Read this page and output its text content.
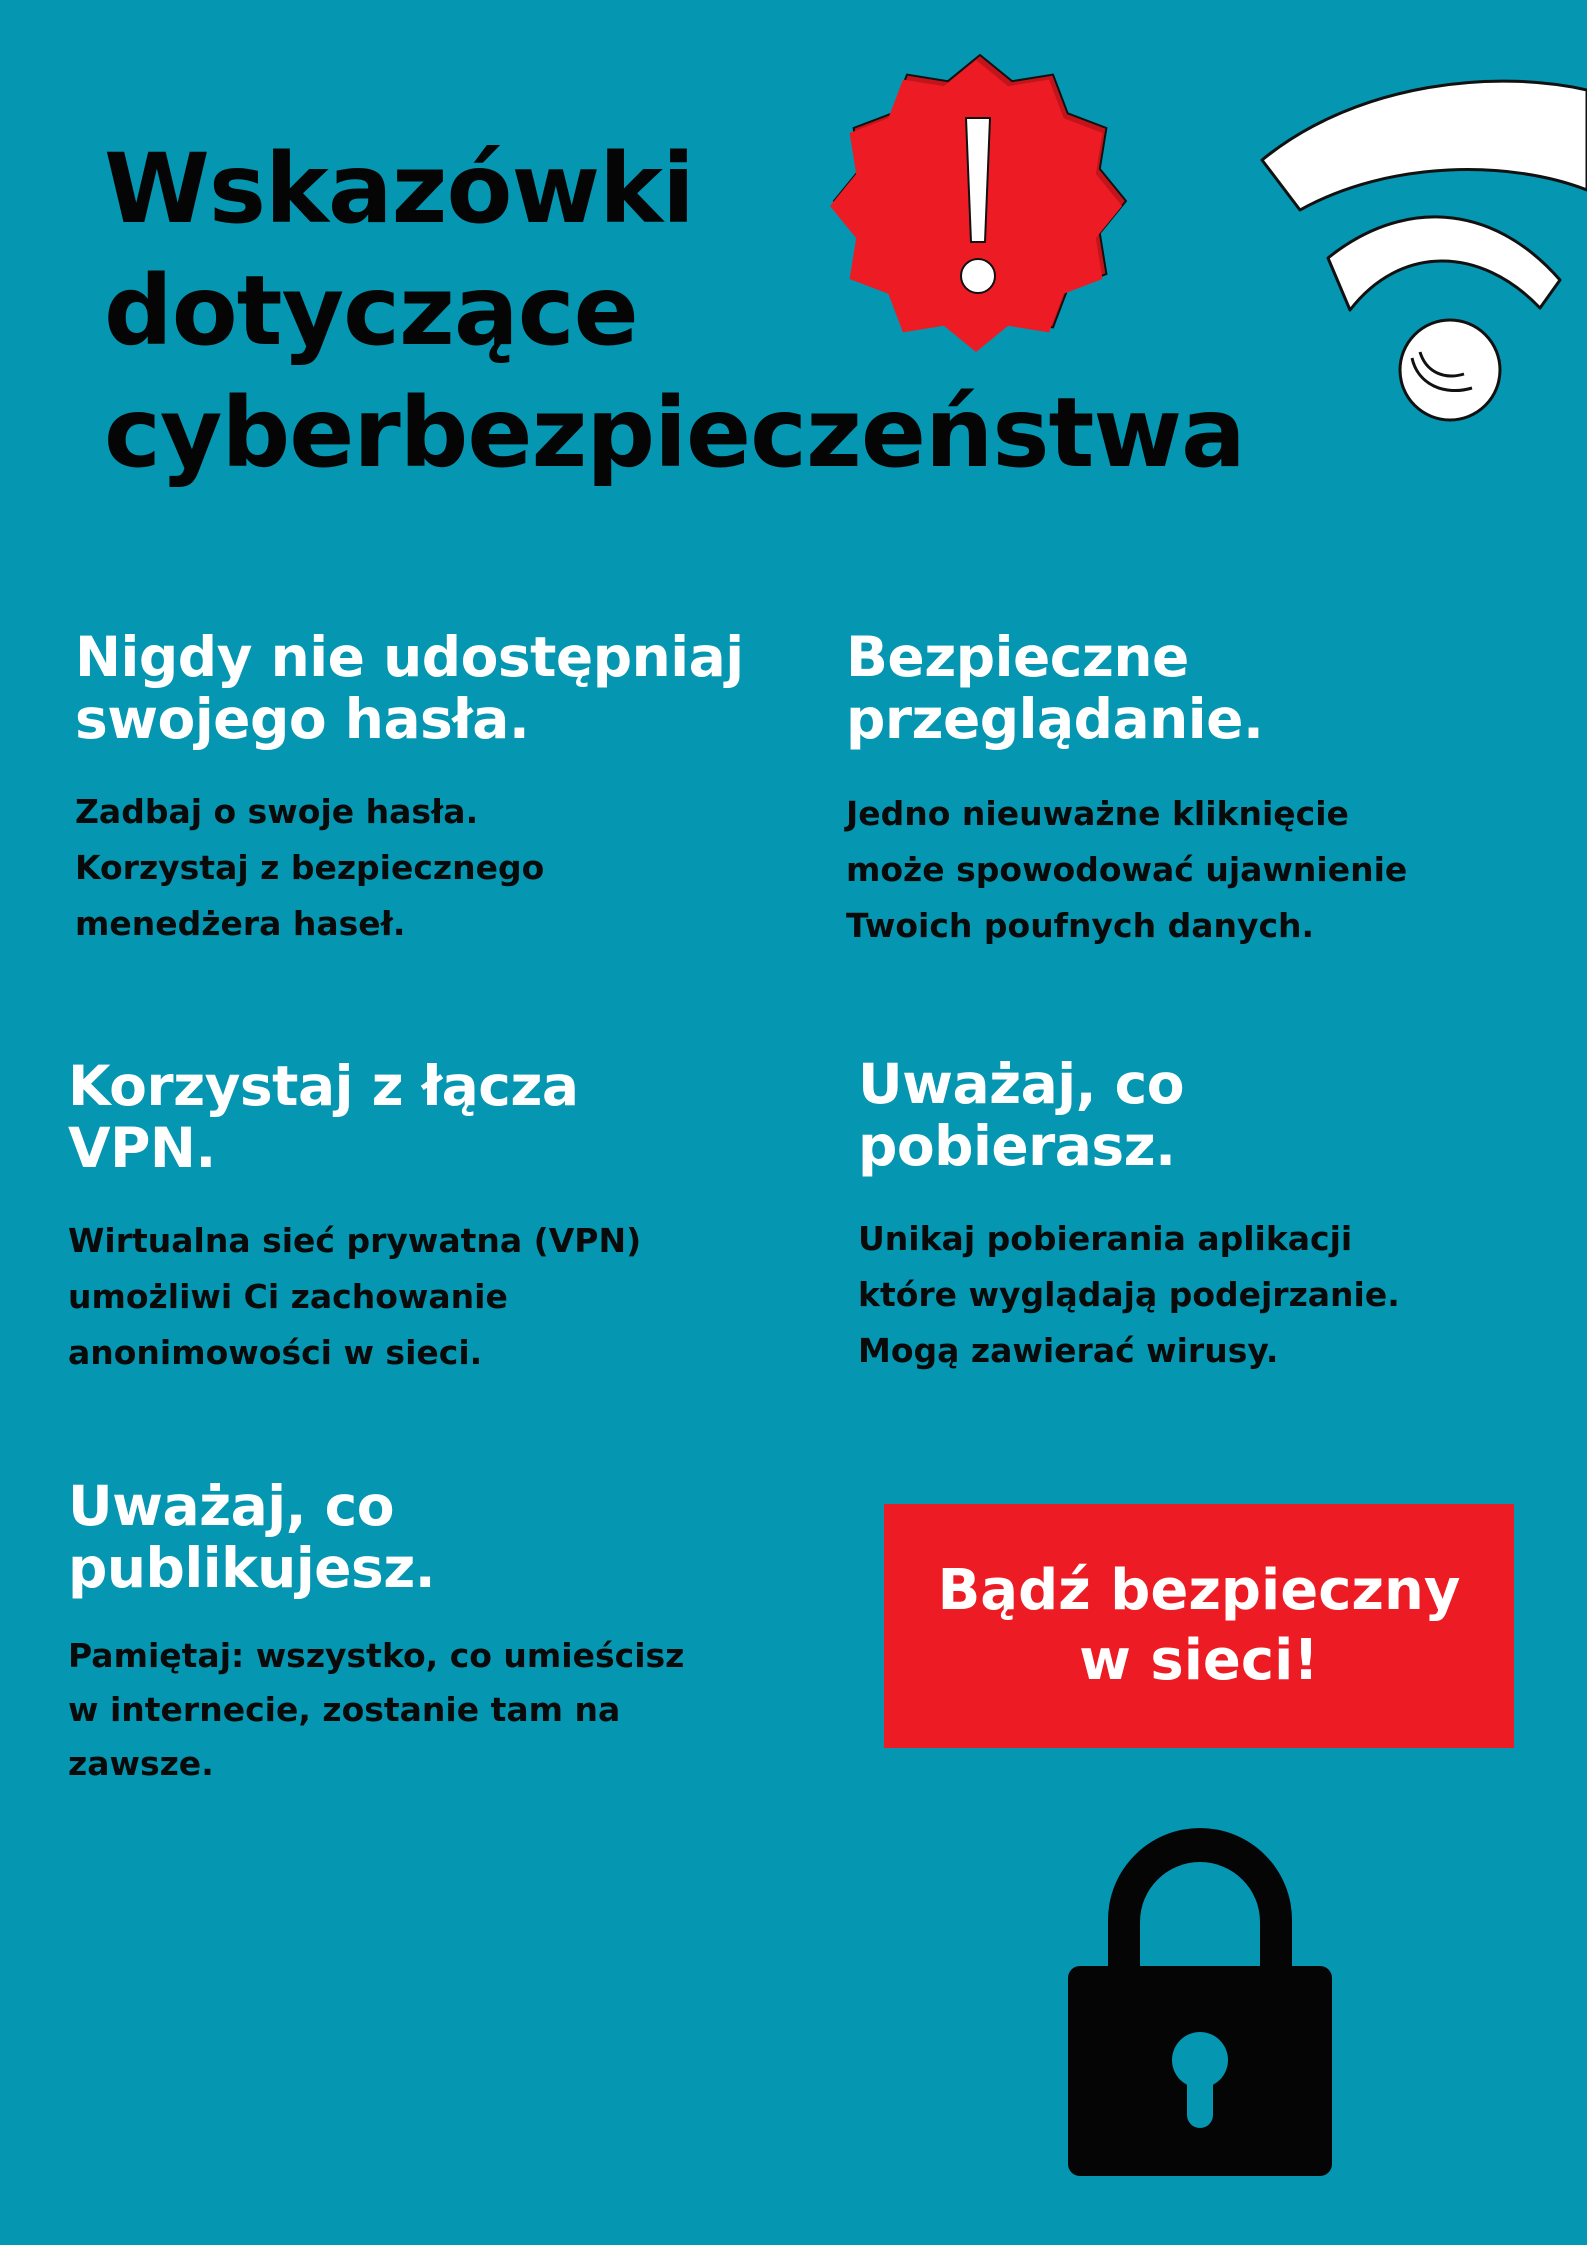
Wskazówki
dotyczące
cyberbezpieczeństwa
Nigdy nie udostępniaj
swojego hasła.

Zadbaj o swoje hasła.
Korzystaj z bezpiecznego
menedżera haseł.

Bezpieczne
przeglądanie.

Jedno nieuważne kliknięcie
może spowodować ujawnienie
Twoich poufnych danych.

Korzystaj z łącza
VPN.

Wirtualna sieć prywatna (VPN)
umożliwi Ci zachowanie
anonimowości w sieci.

Uważaj, co
pobierasz.

Unikaj pobierania aplikacji
które wyglądają podejrzanie.
Mogą zawierać wirusy.

Uważaj, co
publikujesz.

Pamiętaj: wszystko, co umieścisz
w internecie, zostanie tam na
zawsze.

Bądź bezpieczny
w sieci!
